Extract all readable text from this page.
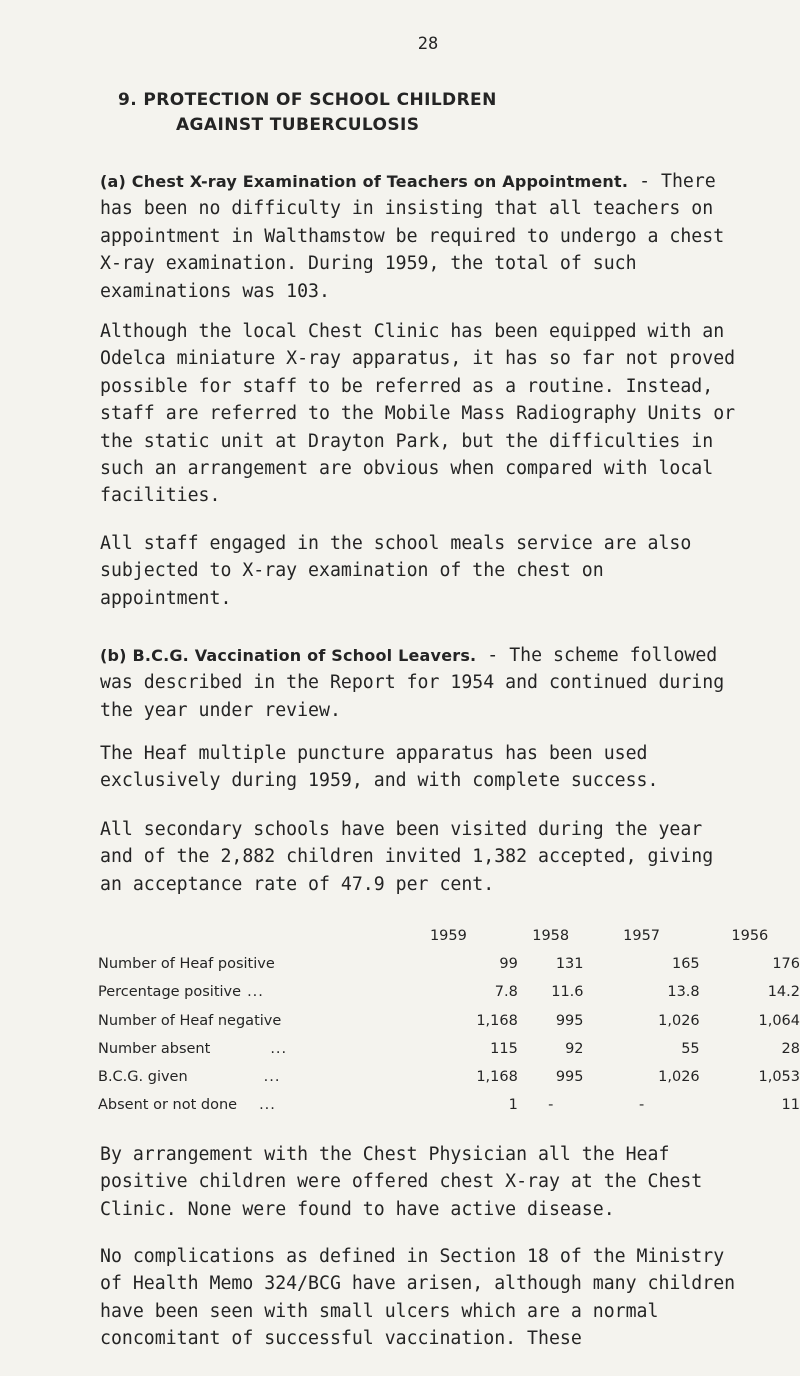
28
9. PROTECTION OF SCHOOL CHILDREN
AGAINST TUBERCULOSIS

(a) Chest X-ray Examination of Teachers on Appointment. - There has been no difficulty in insisting that all teachers on appointment in Walthamstow be required to undergo a chest X-ray examination. During 1959, the total of such examinations was 103.

Although the local Chest Clinic has been equipped with an Odelca miniature X-ray apparatus, it has so far not proved possible for staff to be referred as a routine. Instead, staff are referred to the Mobile Mass Radiography Units or the static unit at Drayton Park, but the difficulties in such an arrangement are obvious when compared with local facilities.

All staff engaged in the school meals service are also subjected to X-ray examination of the chest on appointment.

(b) B.C.G. Vaccination of School Leavers. - The scheme followed was described in the Report for 1954 and continued during the year under review.

The Heaf multiple puncture apparatus has been used exclusively during 1959, and with complete success.

All secondary schools have been visited during the year and of the 2,882 children invited 1,382 accepted, giving an acceptance rate of 47.9 per cent.

	1959	1958	1957	1956
Number of Heaf positive	99	131	165	176
Percentage positive ...	7.8	11.6	13.8	14.2
Number of Heaf negative	1,168	995	1,026	1,064
Number absent ...	115	92	55	28
B.C.G. given ...	1,168	995	1,026	1,053
Absent or not done ...	1	-	-	11

By arrangement with the Chest Physician all the Heaf positive children were offered chest X-ray at the Chest Clinic. None were found to have active disease.

No complications as defined in Section 18 of the Ministry of Health Memo 324/BCG have arisen, although many children have been seen with small ulcers which are a normal concomitant of successful vaccination. These
